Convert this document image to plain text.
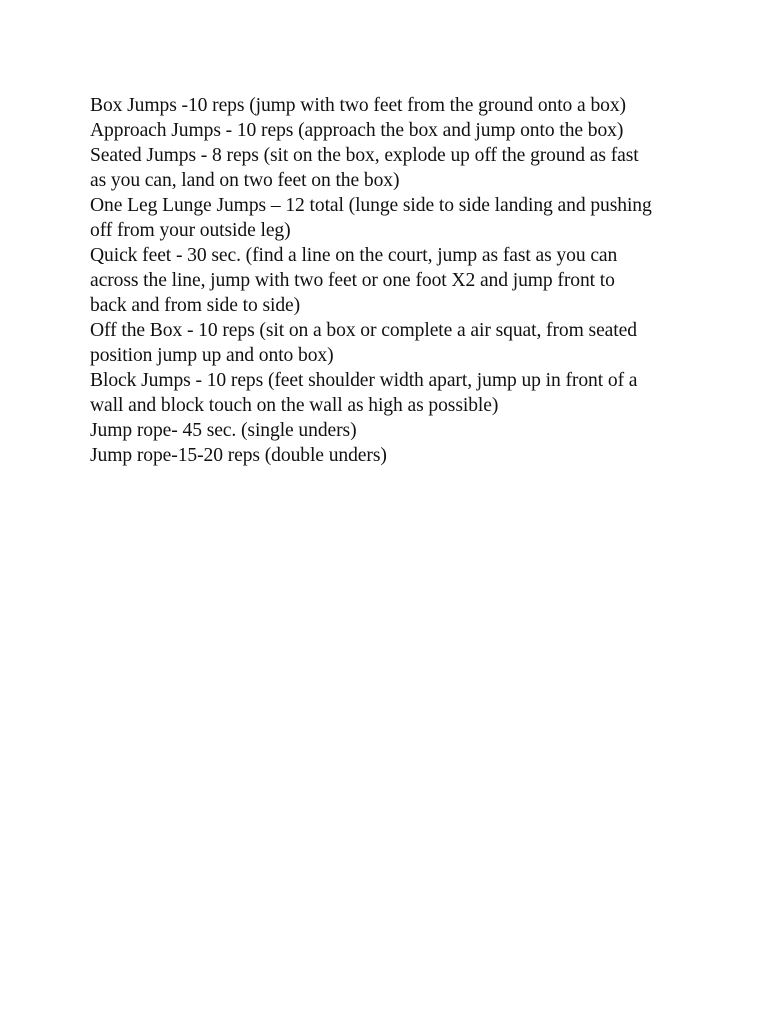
Box Jumps -10 reps (jump with two feet from the ground onto a box)
Approach Jumps - 10 reps (approach the box and jump onto the box)
Seated Jumps - 8 reps (sit on the box, explode up off the ground as fast
as you can, land on two feet on the box)
One Leg Lunge Jumps – 12 total (lunge side to side landing and pushing
off from your outside leg)
Quick feet - 30 sec. (find a line on the court, jump as fast as you can
across the line, jump with two feet or one foot X2 and jump front to
back and from side to side)
Off the Box - 10 reps (sit on a box or complete a air squat, from seated
position jump up and onto box)
Block Jumps - 10 reps (feet shoulder width apart, jump up in front of a
wall and block touch on the wall as high as possible)
Jump rope- 45 sec. (single unders)
Jump rope-15-20 reps (double unders)
